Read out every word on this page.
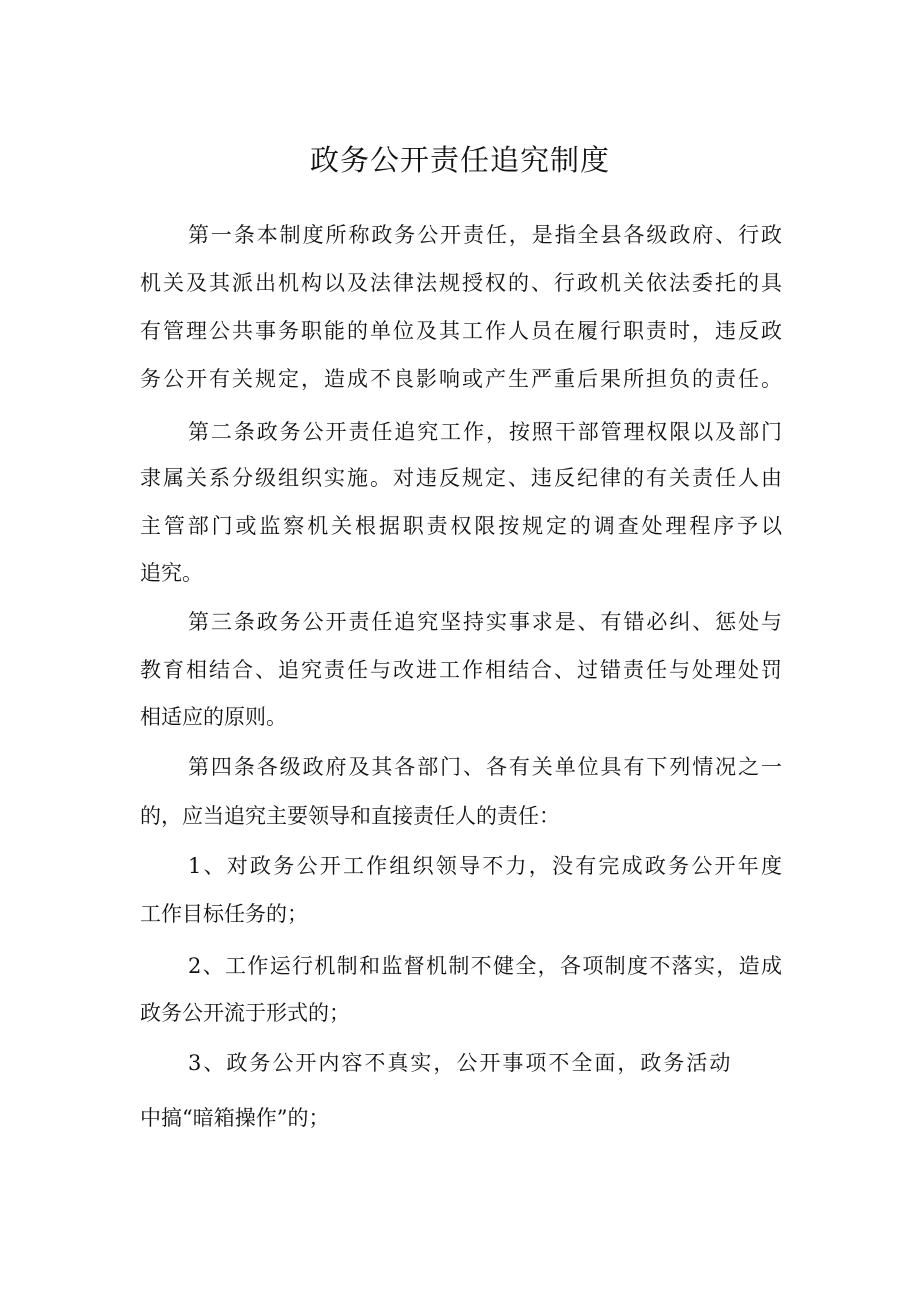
政务公开责任追究制度
第一条本制度所称政务公开责任，是指全县各级政府、行政
机关及其派出机构以及法律法规授权的、行政机关依法委托的具
有管理公共事务职能的单位及其工作人员在履行职责时，违反政
务公开有关规定，造成不良影响或产生严重后果所担负的责任。
第二条政务公开责任追究工作，按照干部管理权限以及部门
隶属关系分级组织实施。对违反规定、违反纪律的有关责任人由
主管部门或监察机关根据职责权限按规定的调查处理程序予以
追究。
第三条政务公开责任追究坚持实事求是、有错必纠、惩处与
教育相结合、追究责任与改进工作相结合、过错责任与处理处罚
相适应的原则。
第四条各级政府及其各部门、各有关单位具有下列情况之一
的，应当追究主要领导和直接责任人的责任：
1、对政务公开工作组织领导不力，没有完成政务公开年度
工作目标任务的；
2、工作运行机制和监督机制不健全，各项制度不落实，造成
政务公开流于形式的；
3、政务公开内容不真实，公开事项不全面，政务活动
中搞“暗箱操作”的；
